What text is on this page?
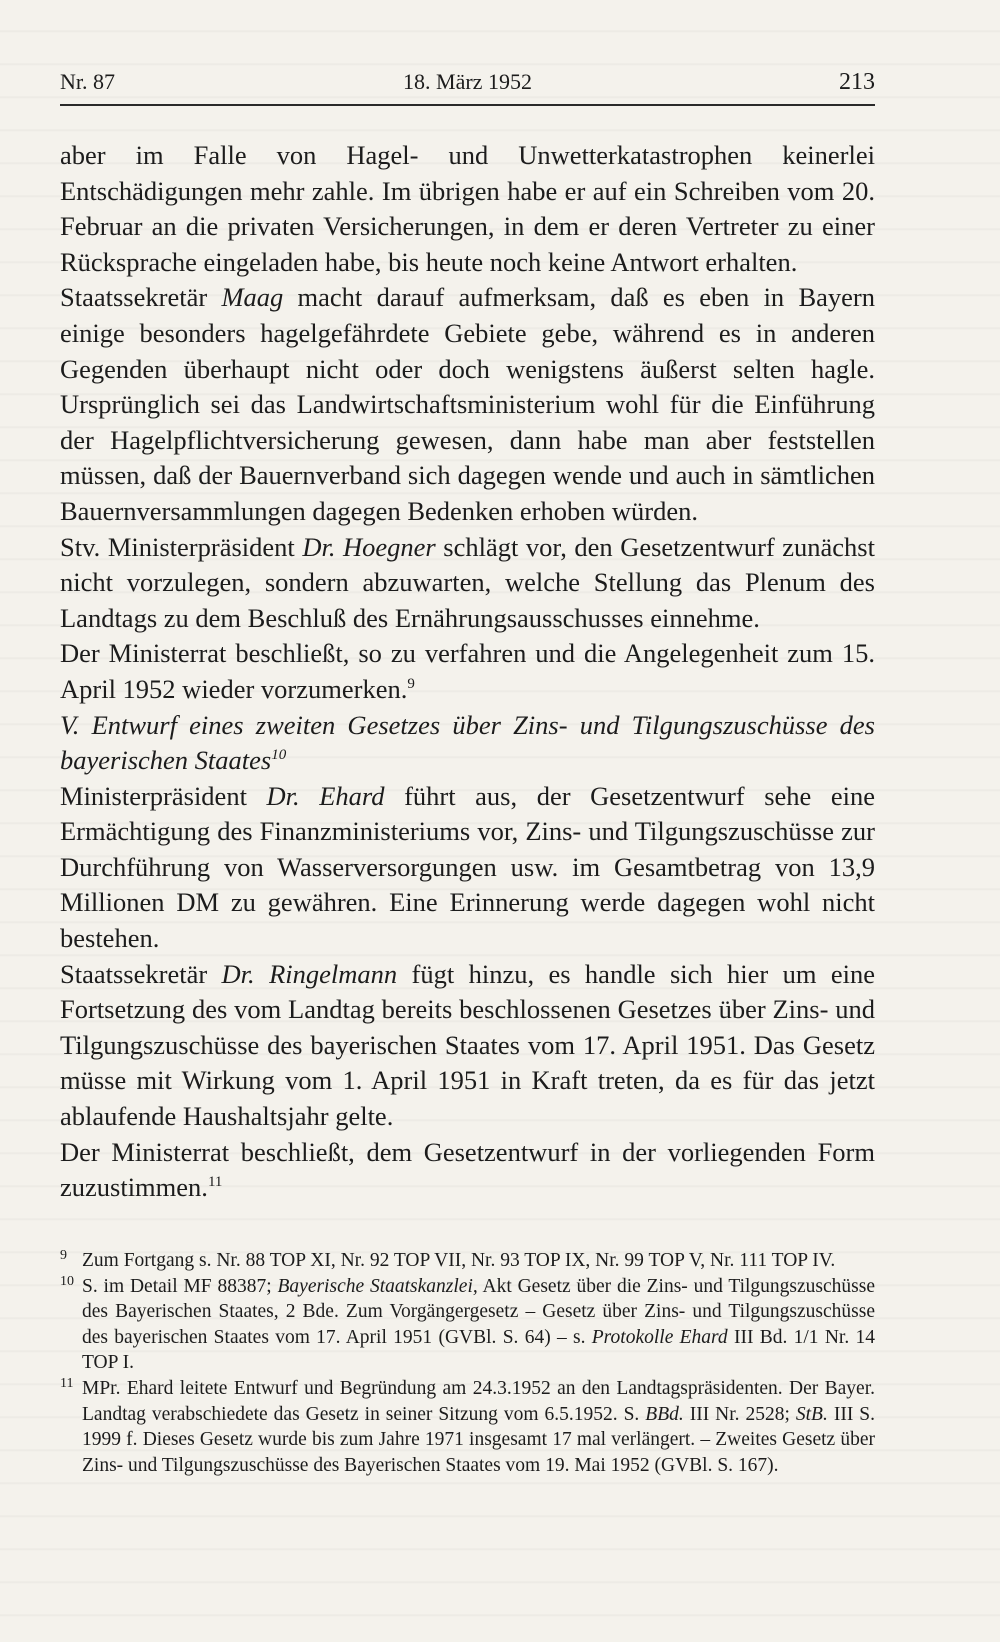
Nr. 87	18. März 1952	213

aber im Falle von Hagel- und Unwetterkatastrophen keinerlei Entschädigungen mehr zahle. Im übrigen habe er auf ein Schreiben vom 20. Februar an die privaten Versicherungen, in dem er deren Vertreter zu einer Rücksprache eingeladen habe, bis heute noch keine Antwort erhalten.

Staatssekretär Maag macht darauf aufmerksam, daß es eben in Bayern einige besonders hagelgefährdete Gebiete gebe, während es in anderen Gegenden überhaupt nicht oder doch wenigstens äußerst selten hagle. Ursprünglich sei das Landwirtschaftsministerium wohl für die Einführung der Hagelpflichtversicherung gewesen, dann habe man aber feststellen müssen, daß der Bauernverband sich dagegen wende und auch in sämtlichen Bauernversammlungen dagegen Bedenken erhoben würden.

Stv. Ministerpräsident Dr. Hoegner schlägt vor, den Gesetzentwurf zunächst nicht vorzulegen, sondern abzuwarten, welche Stellung das Plenum des Landtags zu dem Beschluß des Ernährungsausschusses einnehme.

Der Ministerrat beschließt, so zu verfahren und die Angelegenheit zum 15. April 1952 wieder vorzumerken.$^9$

V. Entwurf eines zweiten Gesetzes über Zins- und Tilgungszuschüsse des bayerischen Staates$^{10}$

Ministerpräsident Dr. Ehard führt aus, der Gesetzentwurf sehe eine Ermächtigung des Finanzministeriums vor, Zins- und Tilgungszuschüsse zur Durchführung von Wasserversorgungen usw. im Gesamtbetrag von 13,9 Millionen DM zu gewähren. Eine Erinnerung werde dagegen wohl nicht bestehen.

Staatssekretär Dr. Ringelmann fügt hinzu, es handle sich hier um eine Fortsetzung des vom Landtag bereits beschlossenen Gesetzes über Zins- und Tilgungszuschüsse des bayerischen Staates vom 17. April 1951. Das Gesetz müsse mit Wirkung vom 1. April 1951 in Kraft treten, da es für das jetzt ablaufende Haushaltsjahr gelte.

Der Ministerrat beschließt, dem Gesetzentwurf in der vorliegenden Form zuzustimmen.$^{11}$

9 Zum Fortgang s. Nr. 88 TOP XI, Nr. 92 TOP VII, Nr. 93 TOP IX, Nr. 99 TOP V, Nr. 111 TOP IV.
10 S. im Detail MF 88387; Bayerische Staatskanzlei, Akt Gesetz über die Zins- und Tilgungszuschüsse des Bayerischen Staates, 2 Bde. Zum Vorgängergesetz – Gesetz über Zins- und Tilgungszuschüsse des bayerischen Staates vom 17. April 1951 (GVBl. S. 64) – s. Protokolle Ehard III Bd. 1/1 Nr. 14 TOP I.
11 MPr. Ehard leitete Entwurf und Begründung am 24.3.1952 an den Landtagspräsidenten. Der Bayer. Landtag verabschiedete das Gesetz in seiner Sitzung vom 6.5.1952. S. BBd. III Nr. 2528; StB. III S. 1999 f. Dieses Gesetz wurde bis zum Jahre 1971 insgesamt 17 mal verlängert. – Zweites Gesetz über Zins- und Tilgungszuschüsse des Bayerischen Staates vom 19. Mai 1952 (GVBl. S. 167).
